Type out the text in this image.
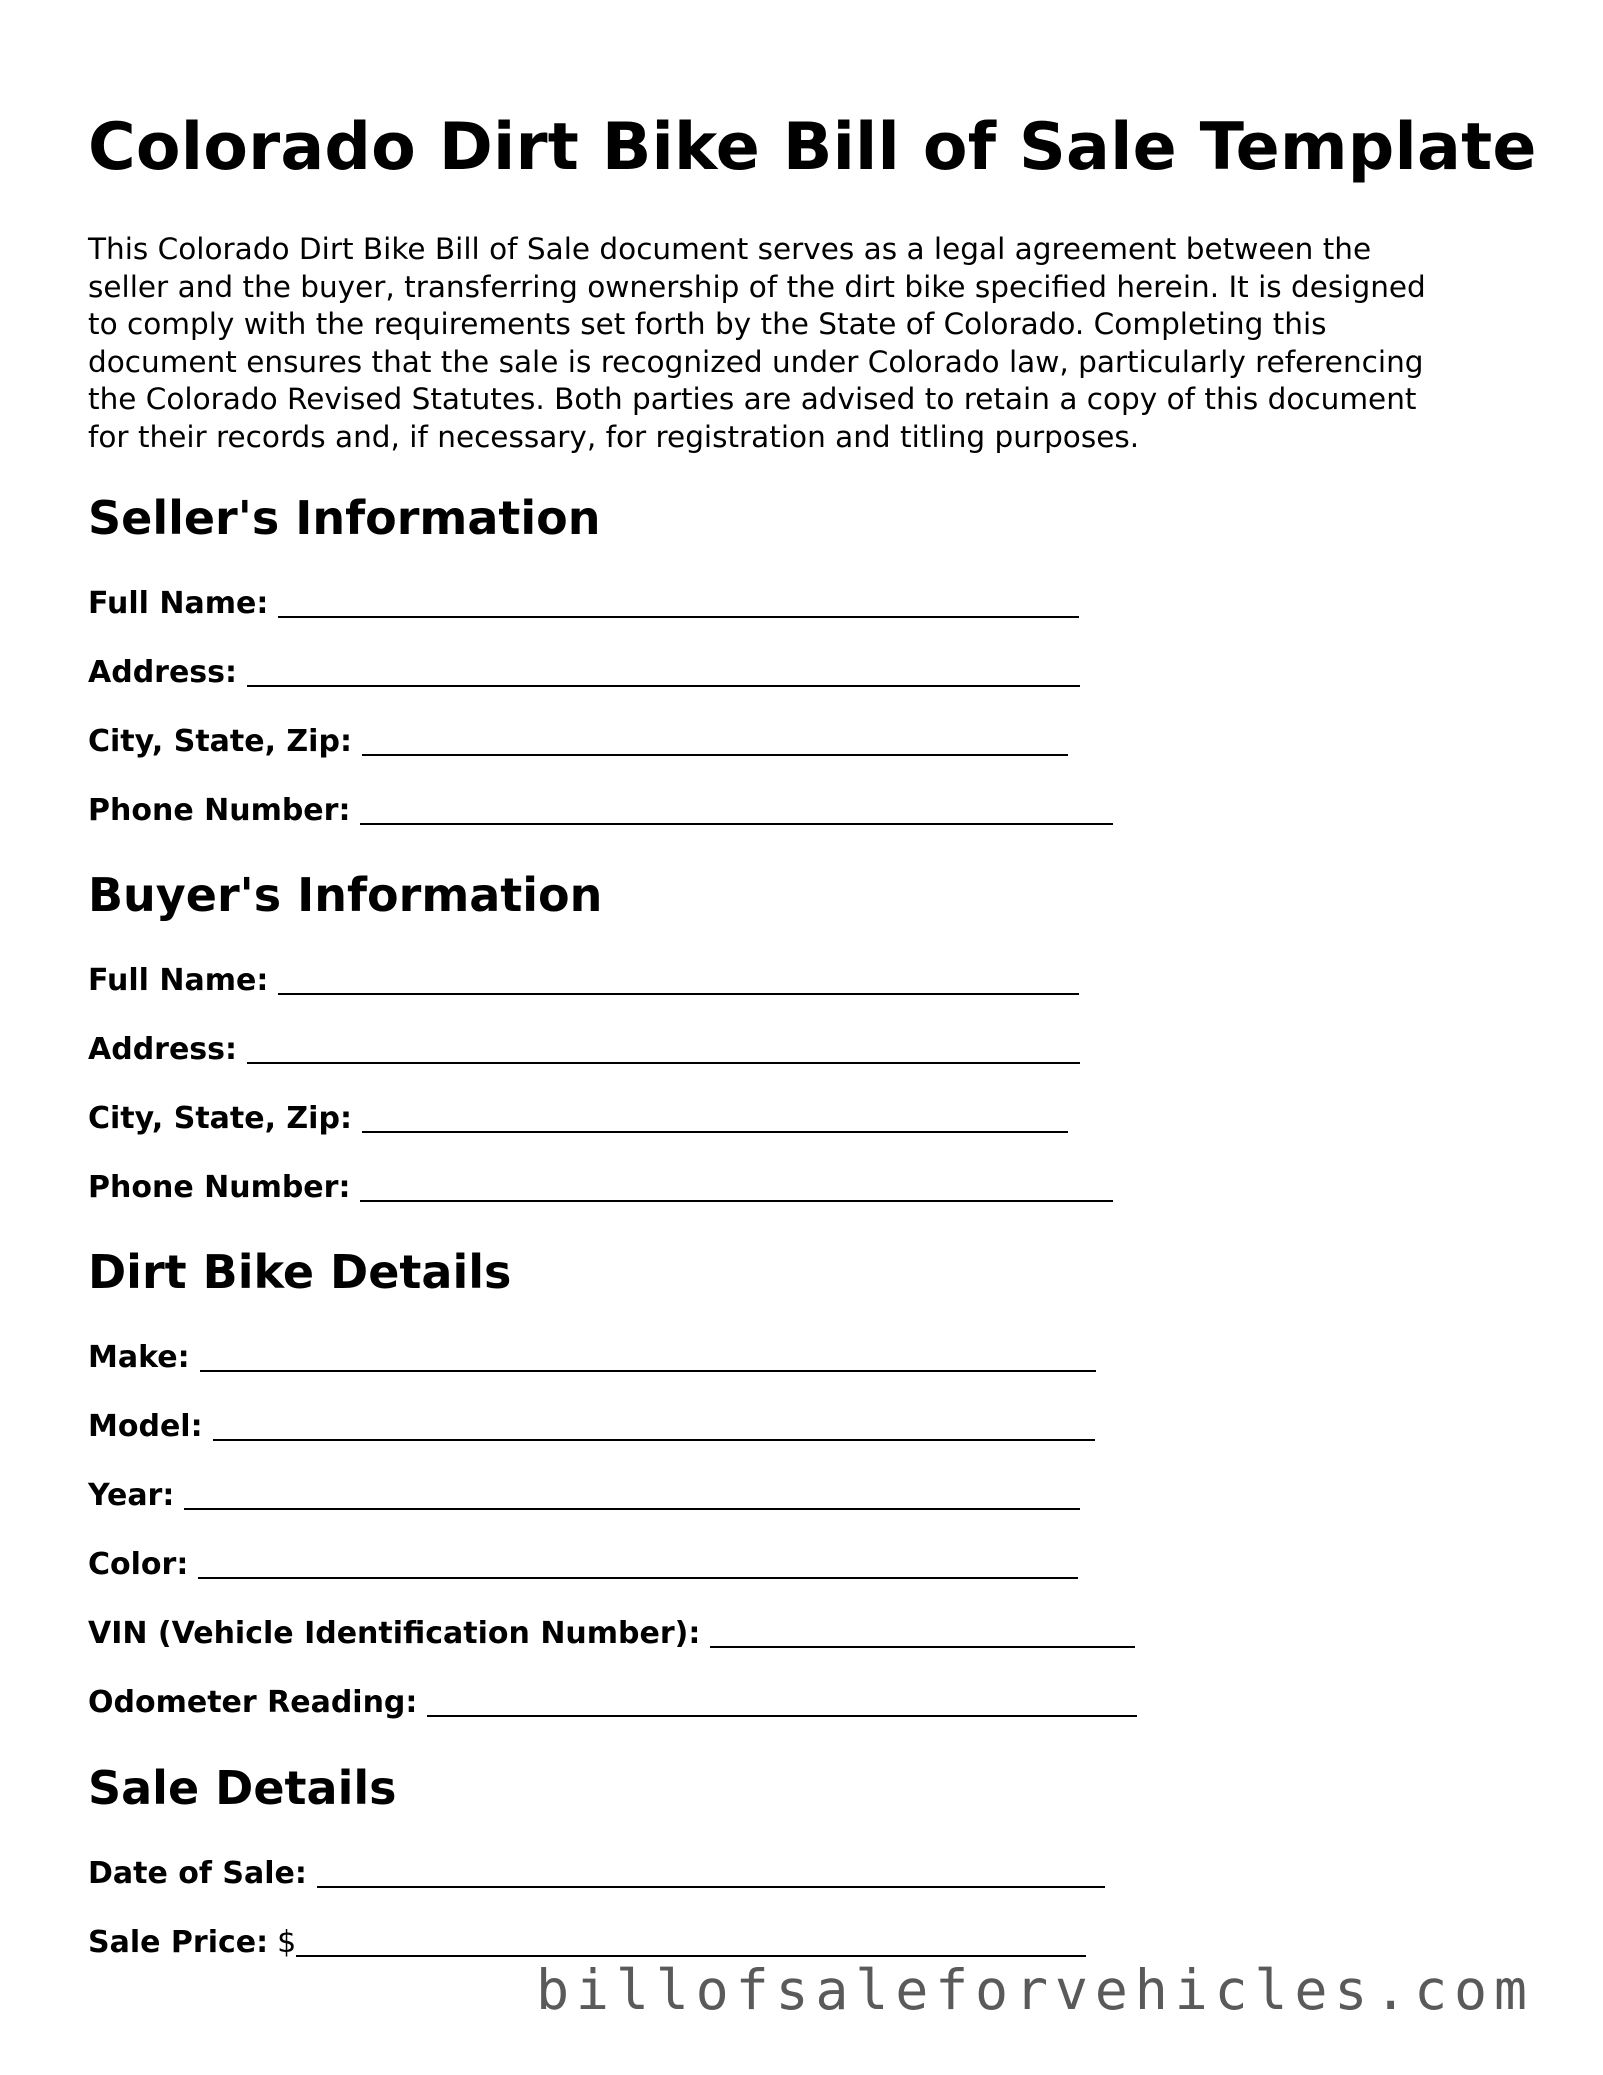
Colorado Dirt Bike Bill of Sale Template

This Colorado Dirt Bike Bill of Sale document serves as a legal agreement between the
seller and the buyer, transferring ownership of the dirt bike specified herein. It is designed
to comply with the requirements set forth by the State of Colorado. Completing this
document ensures that the sale is recognized under Colorado law, particularly referencing
the Colorado Revised Statutes. Both parties are advised to retain a copy of this document
for their records and, if necessary, for registration and titling purposes.

Seller's Information
Full Name:
Address:
City, State, Zip:
Phone Number:
Buyer's Information
Full Name:
Address:
City, State, Zip:
Phone Number:
Dirt Bike Details
Make:
Model:
Year:
Color:
VIN (Vehicle Identification Number):
Odometer Reading:
Sale Details
Date of Sale:
Sale Price: $
billofsaleforvehicles.com
